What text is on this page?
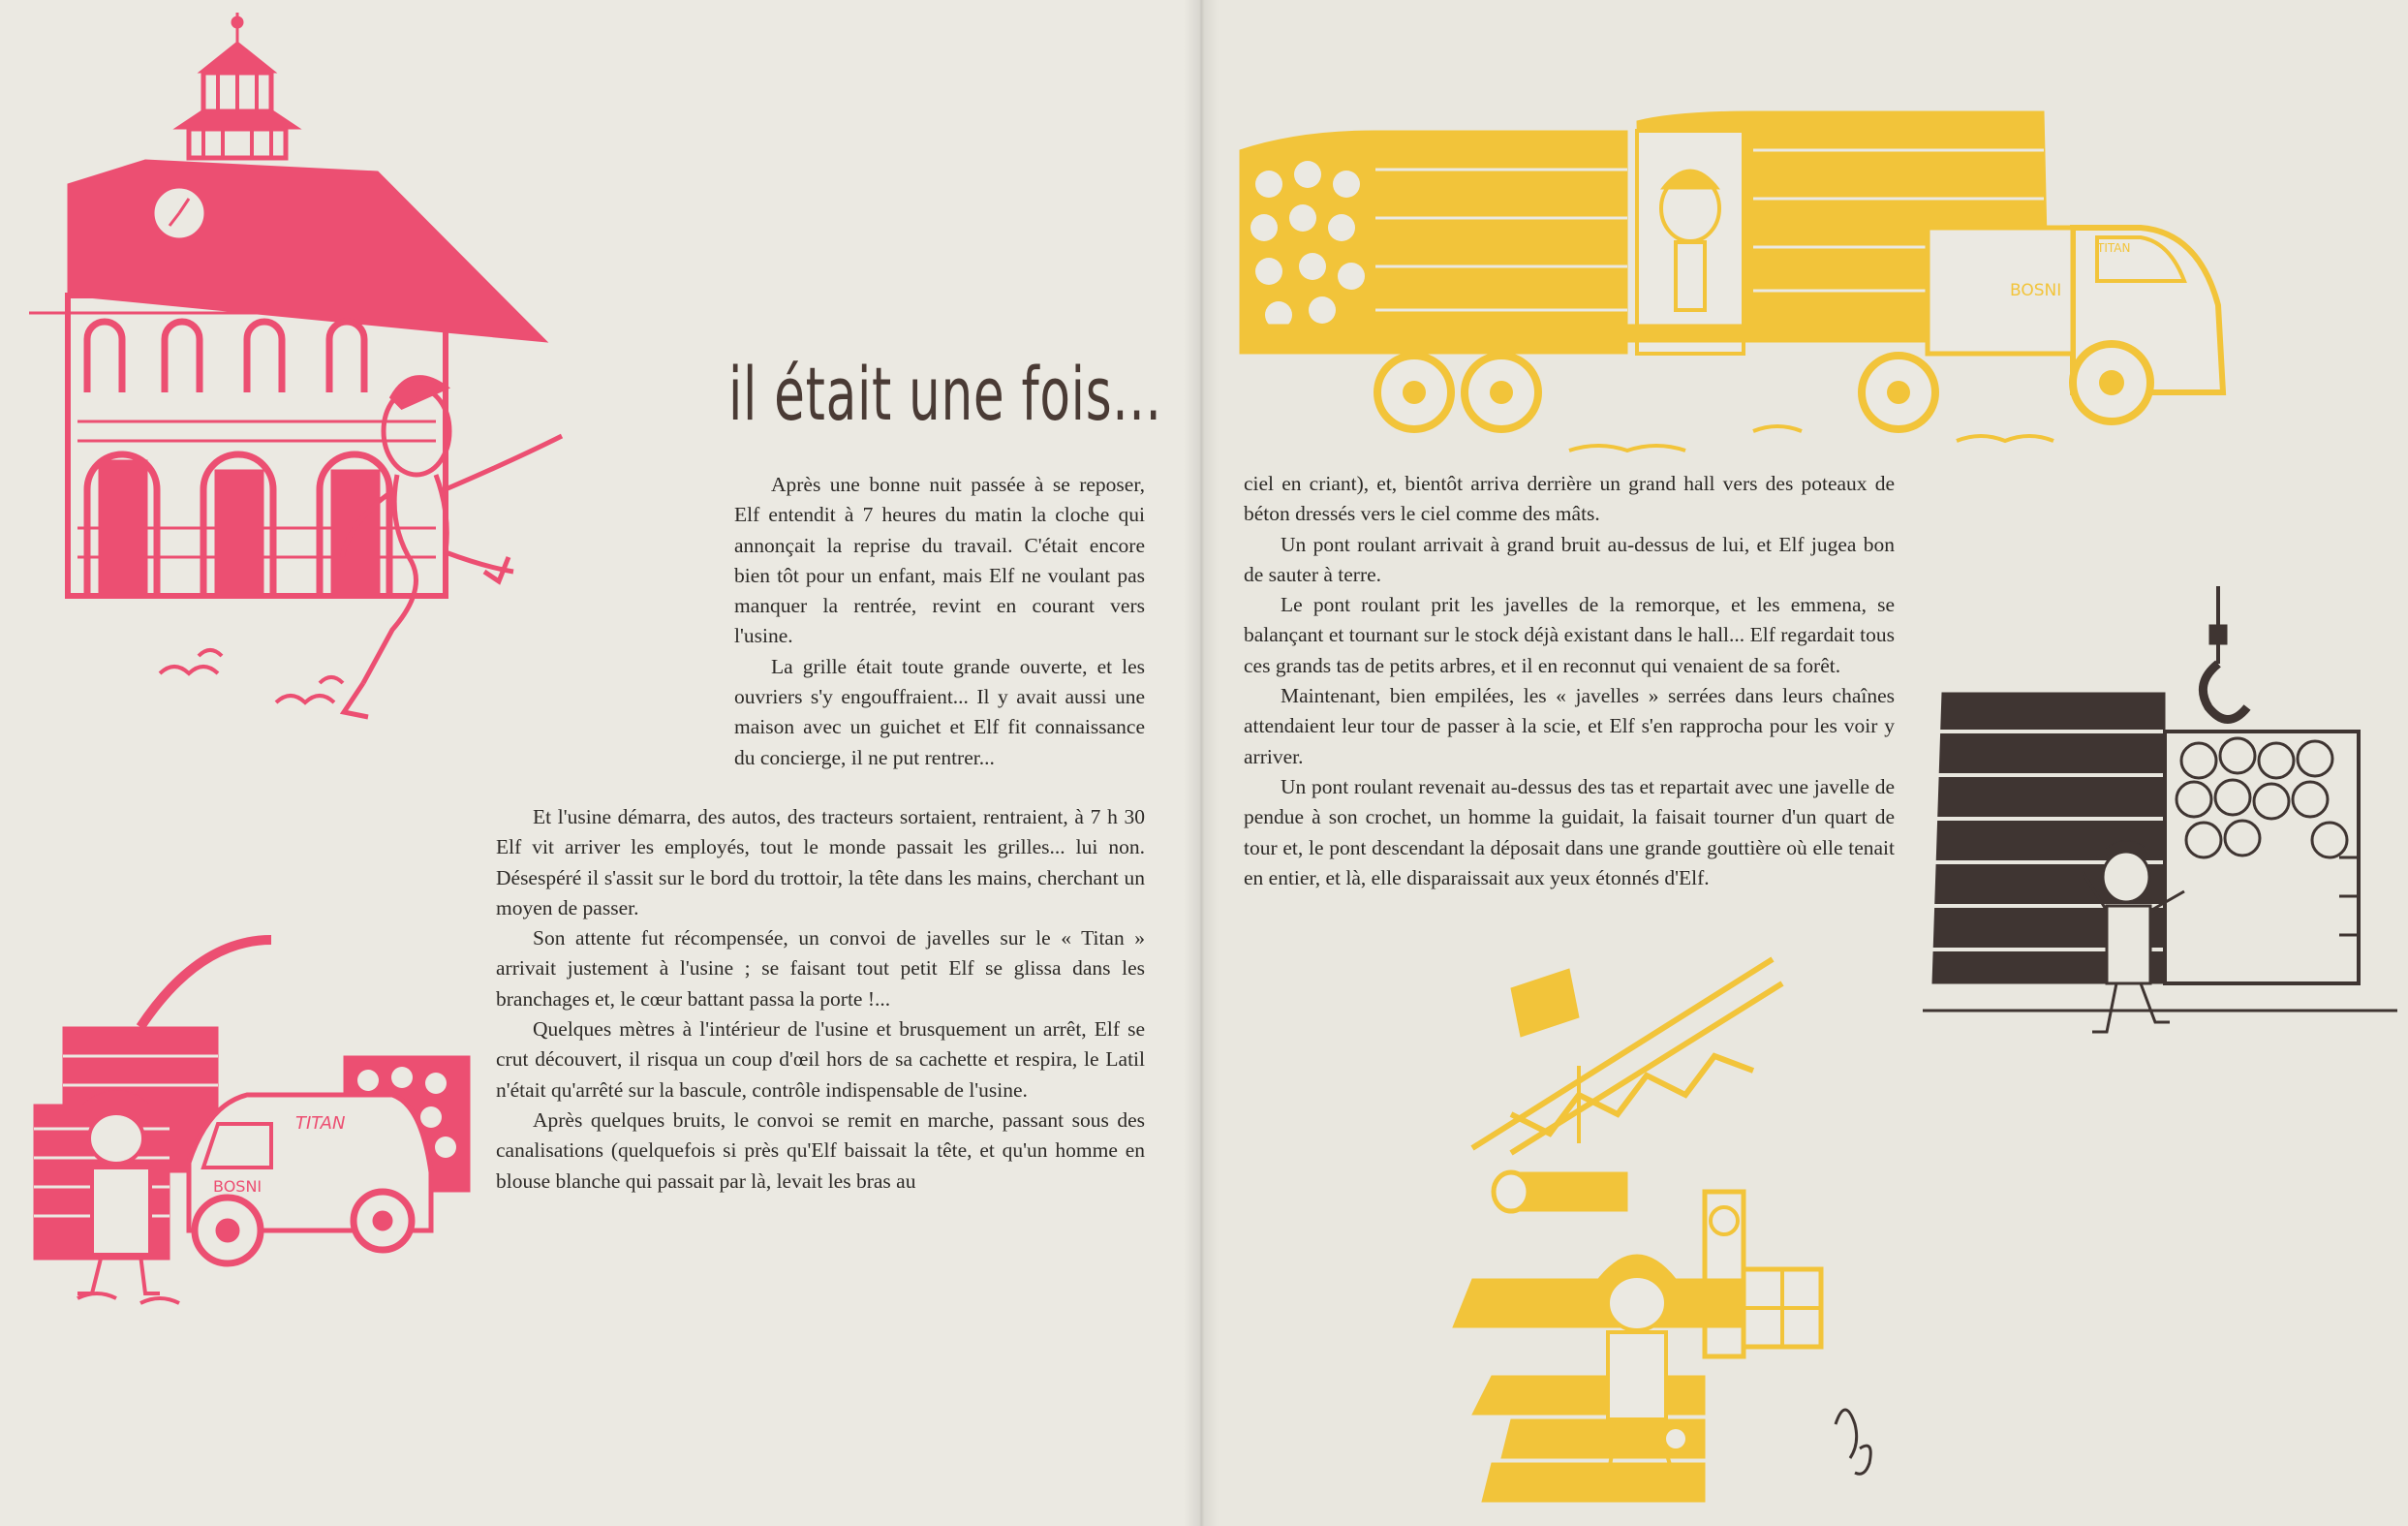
il était une fois...

Après une bonne nuit passée à se reposer, Elf entendit à 7 heures du matin la cloche qui annonçait la reprise du travail. C'était encore bien tôt pour un enfant, mais Elf ne voulant pas manquer la rentrée, revint en courant vers l'usine.

La grille était toute grande ouverte, et les ouvriers s'y engouffraient... Il y avait aussi une maison avec un guichet et Elf fit connaissance du concierge, il ne put rentrer...

Et l'usine démarra, des autos, des tracteurs sortaient, rentraient, à 7 h 30 Elf vit arriver les employés, tout le monde passait les grilles... lui non. Désespéré il s'assit sur le bord du trottoir, la tête dans les mains, cherchant un moyen de passer.

Son attente fut récompensée, un convoi de javelles sur le « Titan » arrivait justement à l'usine ; se faisant tout petit Elf se glissa dans les branchages et, le cœur battant passa la porte !...

Quelques mètres à l'intérieur de l'usine et brusquement un arrêt, Elf se crut découvert, il risqua un coup d'œil hors de sa cachette et respira, le Latil n'était qu'arrêté sur la bascule, contrôle indispensable de l'usine.

Après quelques bruits, le convoi se remit en marche, passant sous des canalisations (quelquefois si près qu'Elf baissait la tête, et qu'un homme en blouse blanche qui passait par là, levait les bras au

BOSNI
TITAN
BOSNI
TITAN

ciel en criant), et, bientôt arriva derrière un grand hall vers des poteaux de béton dressés vers le ciel comme des mâts.

Un pont roulant arrivait à grand bruit au-dessus de lui, et Elf jugea bon de sauter à terre.

Le pont roulant prit les javelles de la remorque, et les emmena, se balançant et tournant sur le stock déjà existant dans le hall... Elf regardait tous ces grands tas de petits arbres, et il en reconnut qui venaient de sa forêt.

Maintenant, bien empilées, les « javelles » serrées dans leurs chaînes attendaient leur tour de passer à la scie, et Elf s'en rapprocha pour les voir y arriver.

Un pont roulant revenait au-dessus des tas et repartait avec une javelle de pendue à son crochet, un homme la guidait, la faisait tourner d'un quart de tour et, le pont descendant la déposait dans une grande gouttière où elle tenait en entier, et là, elle disparaissait aux yeux étonnés d'Elf.
